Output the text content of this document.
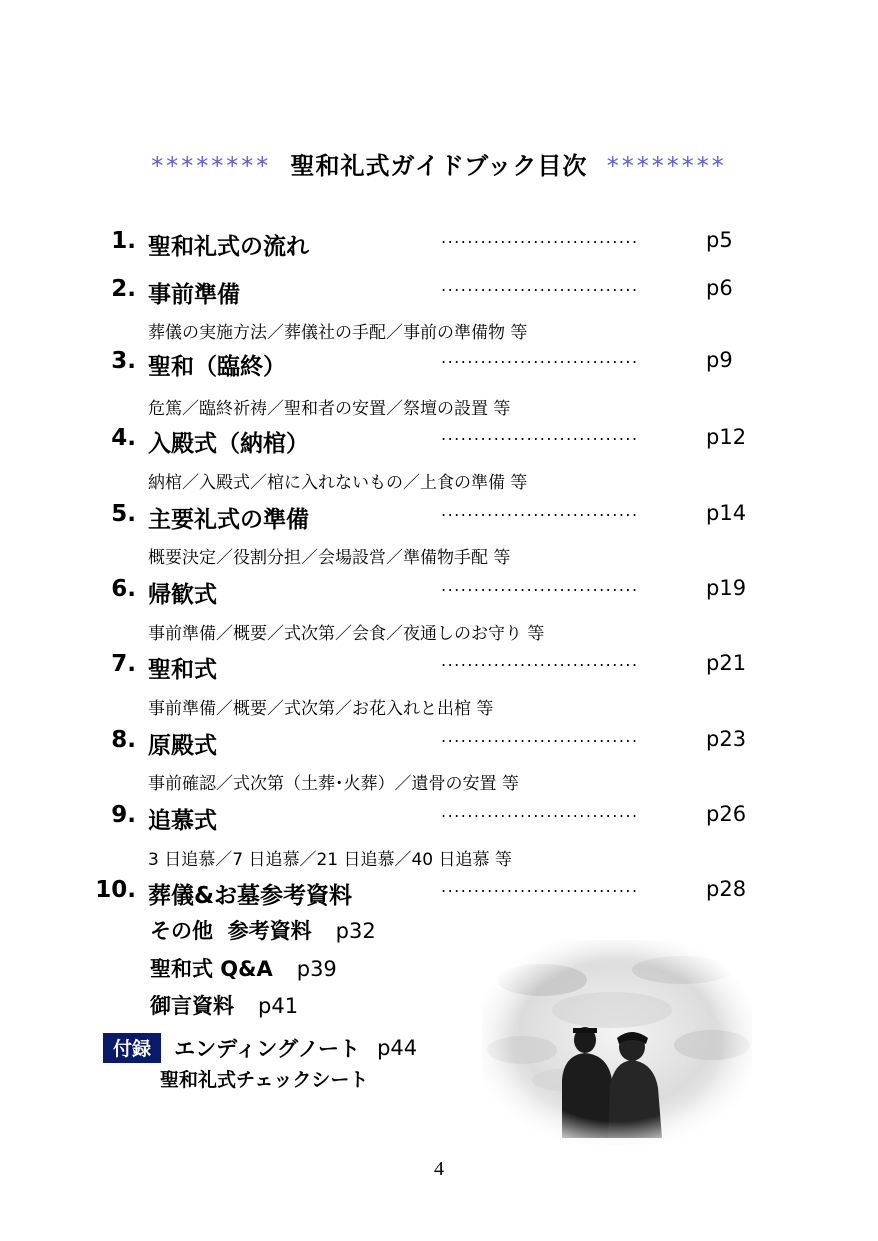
******** 聖和礼式ガイドブック目次 ********
1. 聖和礼式の流れ	..............................	p5
2. 事前準備	..............................	p6
葬儀の実施方法／葬儀社の手配／事前の準備物 等
3. 聖和（臨終）	..............................	p9
危篤／臨終祈祷／聖和者の安置／祭壇の設置 等
4. 入殿式（納棺）	..............................	p12
納棺／入殿式／棺に入れないもの／上食の準備 等
5. 主要礼式の準備	..............................	p14
概要決定／役割分担／会場設営／準備物手配 等
6. 帰歓式	..............................	p19
事前準備／概要／式次第／会食／夜通しのお守り 等
7. 聖和式	..............................	p21
事前準備／概要／式次第／お花入れと出棺 等
8. 原殿式	..............................	p23
事前確認／式次第（土葬･火葬）／遺骨の安置 等
9. 追慕式	..............................	p26
3 日追慕／7 日追慕／21 日追慕／40 日追慕 等
10. 葬儀&お墓参考資料	..............................	p28
その他  参考資料 p32
聖和式 Q&A p39
御言資料 p41
付録 エンディングノート p44
聖和礼式チェックシート
4
